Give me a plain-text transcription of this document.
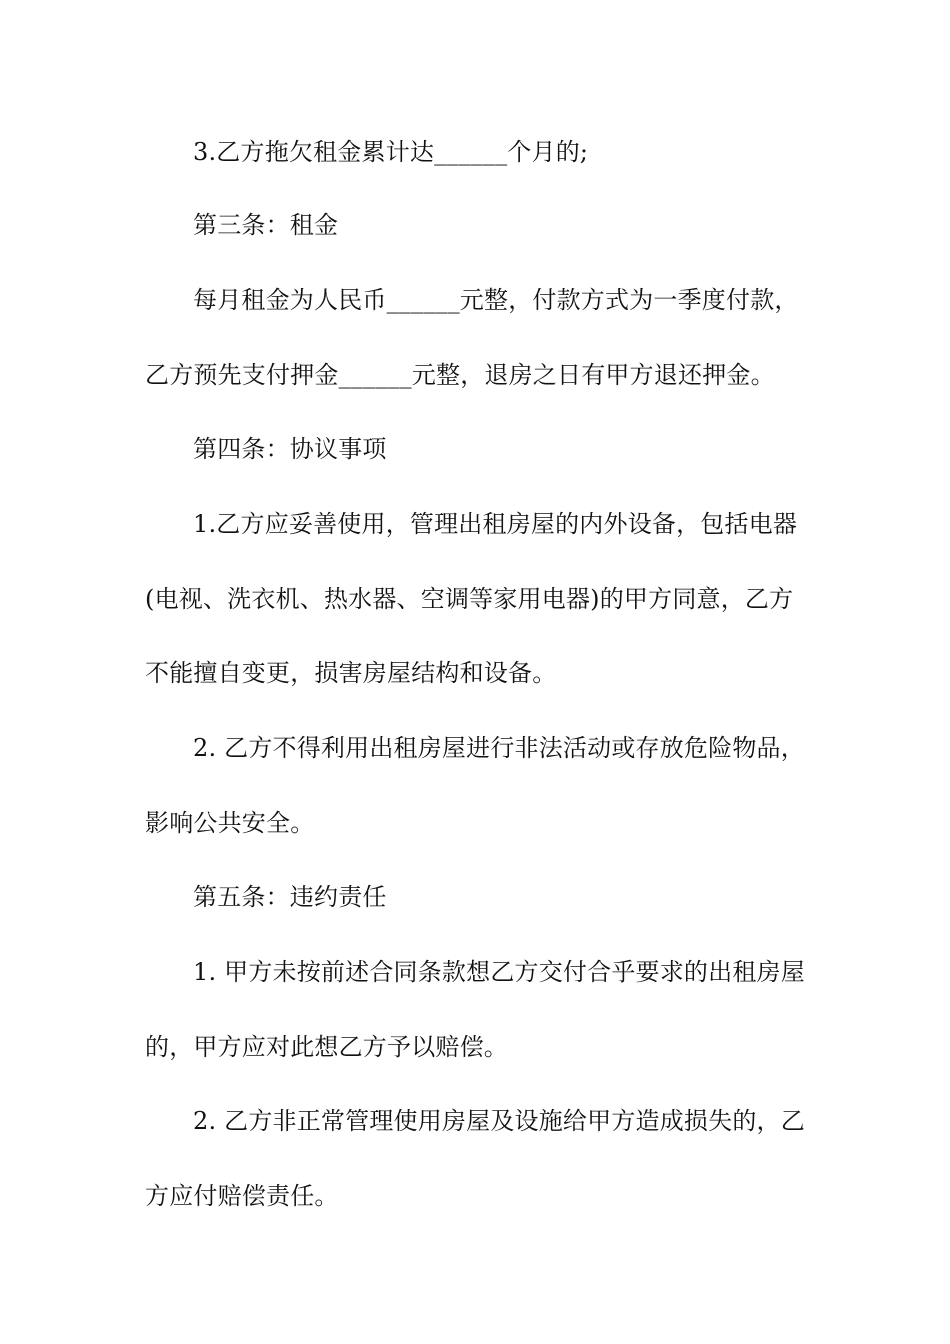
3.乙方拖欠租金累计达______个月的;
第三条：租金
每月租金为人民币______元整，付款方式为一季度付款，
乙方预先支付押金______元整，退房之日有甲方退还押金。
第四条：协议事项
1.乙方应妥善使用，管理出租房屋的内外设备，包括电器
(电视、洗衣机、热水器、空调等家用电器)的甲方同意，乙方
不能擅自变更，损害房屋结构和设备。
2. 乙方不得利用出租房屋进行非法活动或存放危险物品，
影响公共安全。
第五条：违约责任
1. 甲方未按前述合同条款想乙方交付合乎要求的出租房屋
的，甲方应对此想乙方予以赔偿。
2. 乙方非正常管理使用房屋及设施给甲方造成损失的，乙
方应付赔偿责任。
